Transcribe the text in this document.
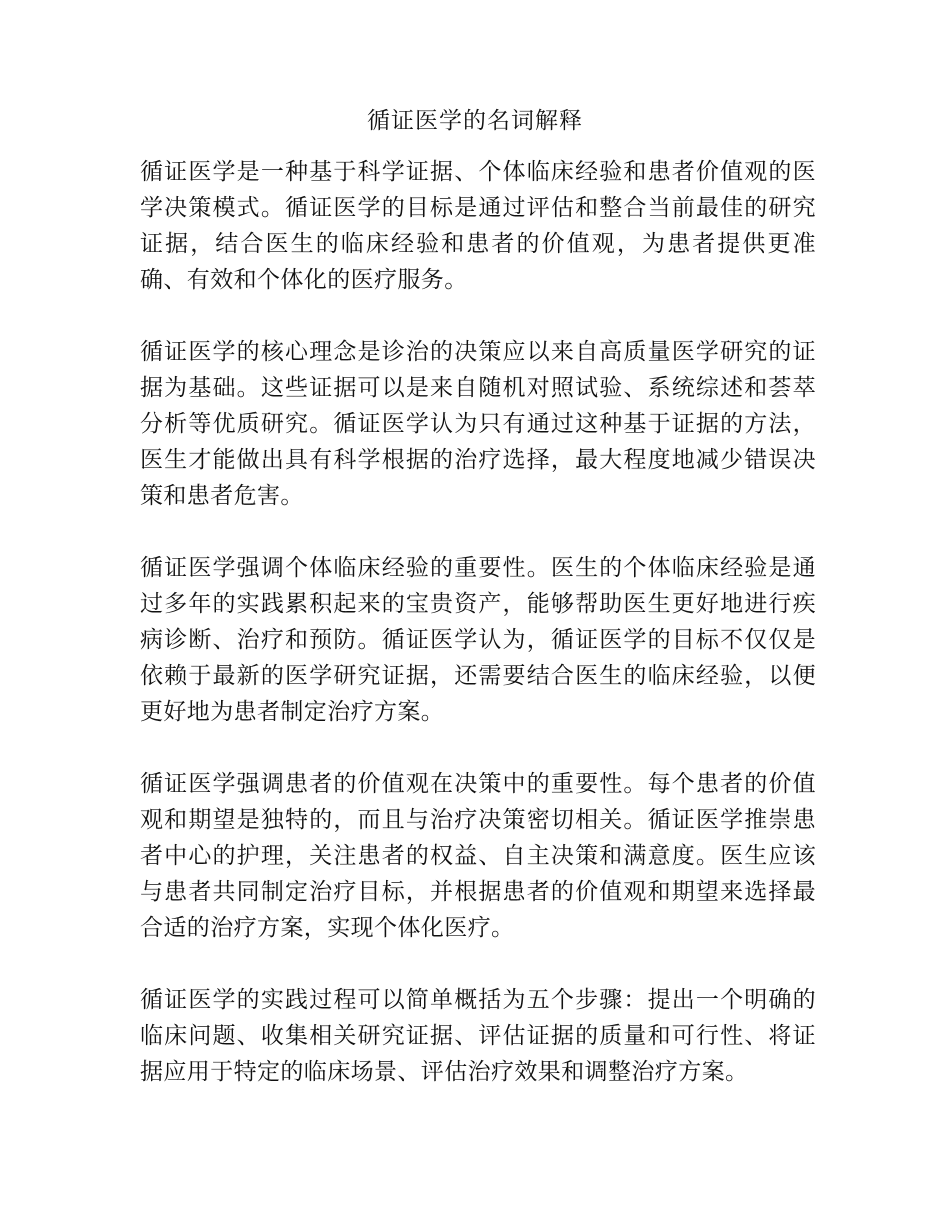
循证医学的名词解释

循证医学是一种基于科学证据、个体临床经验和患者价值观的医学决策模式。循证医学的目标是通过评估和整合当前最佳的研究证据，结合医生的临床经验和患者的价值观，为患者提供更准确、有效和个体化的医疗服务。

循证医学的核心理念是诊治的决策应以来自高质量医学研究的证据为基础。这些证据可以是来自随机对照试验、系统综述和荟萃分析等优质研究。循证医学认为只有通过这种基于证据的方法，医生才能做出具有科学根据的治疗选择，最大程度地减少错误决策和患者危害。

循证医学强调个体临床经验的重要性。医生的个体临床经验是通过多年的实践累积起来的宝贵资产，能够帮助医生更好地进行疾病诊断、治疗和预防。循证医学认为，循证医学的目标不仅仅是依赖于最新的医学研究证据，还需要结合医生的临床经验，以便更好地为患者制定治疗方案。

循证医学强调患者的价值观在决策中的重要性。每个患者的价值观和期望是独特的，而且与治疗决策密切相关。循证医学推崇患者中心的护理，关注患者的权益、自主决策和满意度。医生应该与患者共同制定治疗目标，并根据患者的价值观和期望来选择最合适的治疗方案，实现个体化医疗。

循证医学的实践过程可以简单概括为五个步骤：提出一个明确的临床问题、收集相关研究证据、评估证据的质量和可行性、将证据应用于特定的临床场景、评估治疗效果和调整治疗方案。
